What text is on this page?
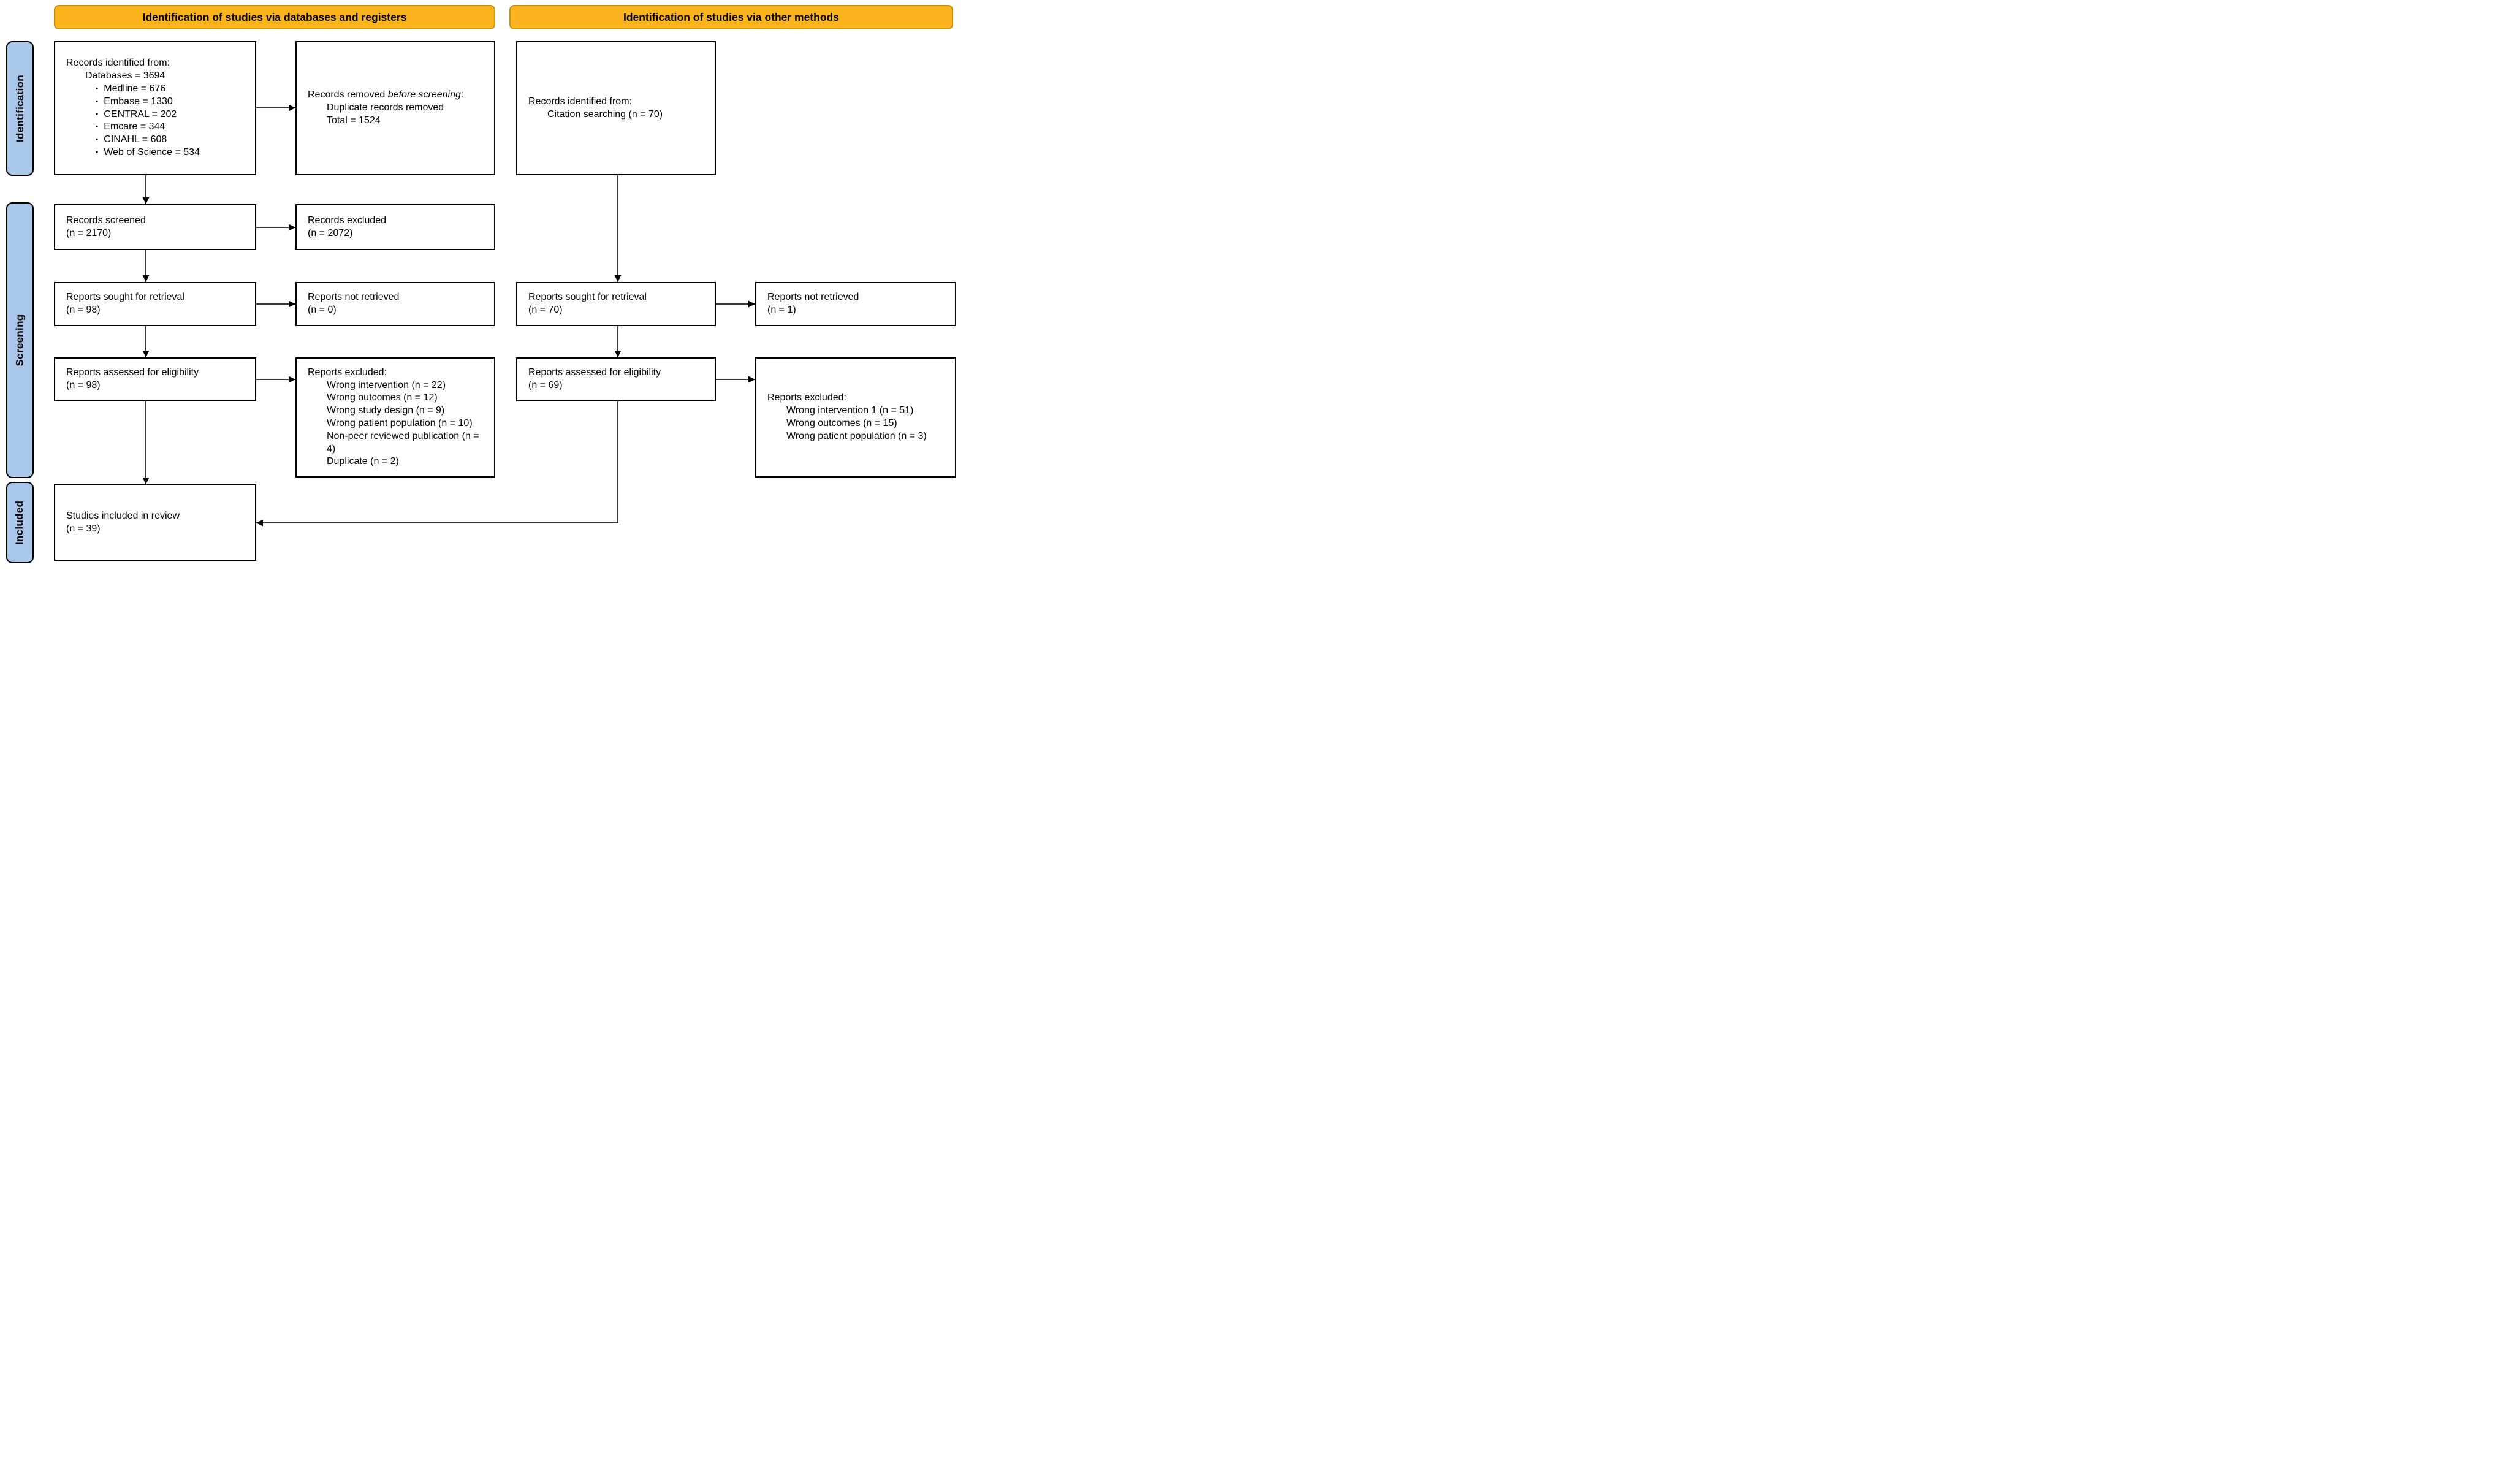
Identification of studies via databases and registers	Identification of studies via other methods
Identification
Screening
Included
Records identified from:
Databases = 3694
▪ Medline = 676
▪ Embase = 1330
▪ CENTRAL = 202
▪ Emcare = 344
▪ CINAHL = 608
▪ Web of Science = 534
Records removed before screening:
Duplicate records removed
Total = 1524
Records identified from:
Citation searching (n = 70)
Records screened
(n = 2170)
Records excluded
(n = 2072)
Reports sought for retrieval
(n = 98)
Reports not retrieved
(n = 0)
Reports sought for retrieval
(n = 70)
Reports not retrieved
(n = 1)
Reports assessed for eligibility
(n = 98)
Reports excluded:
Wrong intervention (n = 22)
Wrong outcomes (n = 12)
Wrong study design (n = 9)
Wrong patient population (n = 10)
Non-peer reviewed publication (n = 4)
Duplicate (n = 2)
Reports assessed for eligibility
(n = 69)
Reports excluded:
Wrong intervention 1 (n = 51)
Wrong outcomes (n = 15)
Wrong patient population (n = 3)
Studies included in review
(n = 39)
